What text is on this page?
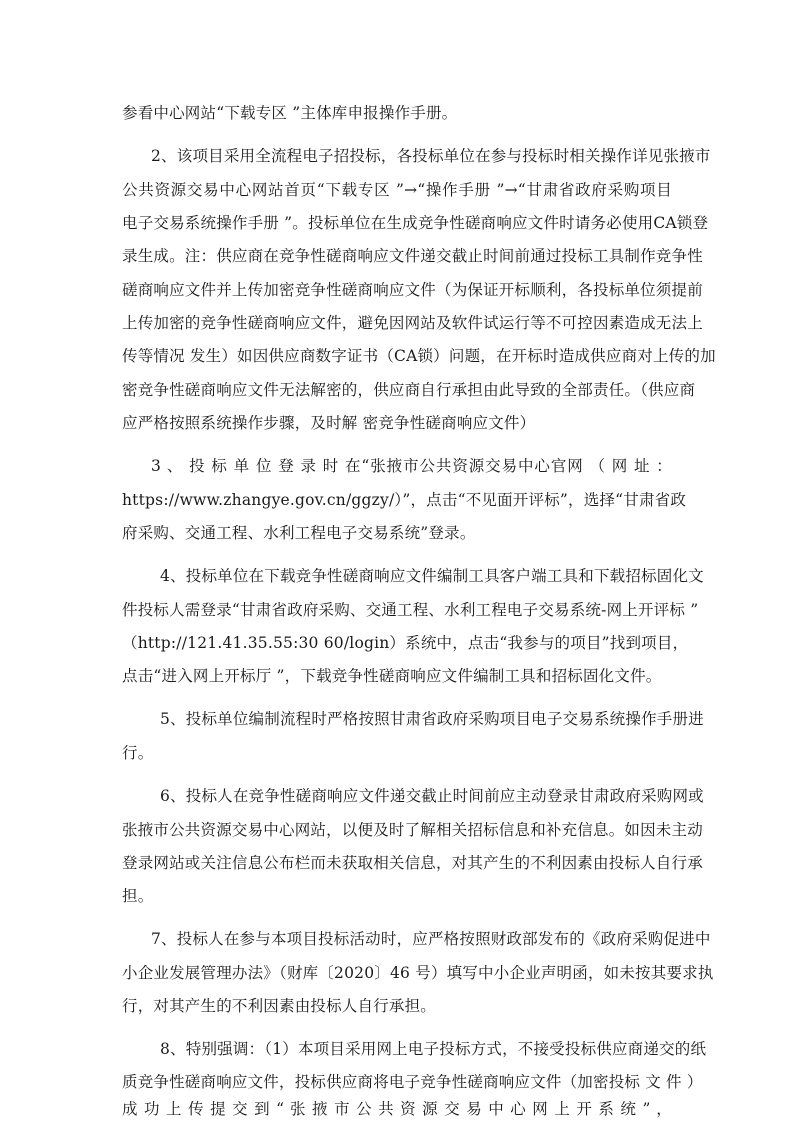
参看中心网站“下载专区 ”主体库申报操作手册。
2、该项目采用全流程电子招投标，各投标单位在参与投标时相关操作详见张掖市
公共资源交易中心网站首页“下载专区 ”→“操作手册 ”→“甘肃省政府采购项目
电子交易系统操作手册 ”。投标单位在生成竞争性磋商响应文件时请务必使用CA锁登
录生成。注：供应商在竞争性磋商响应文件递交截止时间前通过投标工具制作竞争性
磋商响应文件并上传加密竞争性磋商响应文件（为保证开标顺利，各投标单位须提前
上传加密的竞争性磋商响应文件，避免因网站及软件试运行等不可控因素造成无法上
传等情况 发生）如因供应商数字证书（CA锁）问题，在开标时造成供应商对上传的加
密竞争性磋商响应文件无法解密的，供应商自行承担由此导致的全部责任。（供应商
应严格按照系统操作步骤，及时解 密竞争性磋商响应文件）
3 、 投 标 单 位 登 录 时 在“张掖市公共资源交易中心官网 （ 网 址 ：
https://www.zhangye.gov.cn/ggzy/）”，点击“不见面开评标”，选择“甘肃省政
府采购、交通工程、水利工程电子交易系统”登录。
4、投标单位在下载竞争性磋商响应文件编制工具客户端工具和下载招标固化文
件投标人需登录“甘肃省政府采购、交通工程、水利工程电子交易系统-网上开评标 ”
（http://121.41.35.55:30 60/login）系统中，点击“我参与的项目”找到项目，
点击“进入网上开标厅 ”，下载竞争性磋商响应文件编制工具和招标固化文件。
5、投标单位编制流程时严格按照甘肃省政府采购项目电子交易系统操作手册进
行。
6、投标人在竞争性磋商响应文件递交截止时间前应主动登录甘肃政府采购网或
张掖市公共资源交易中心网站，以便及时了解相关招标信息和补充信息。如因未主动
登录网站或关注信息公布栏而未获取相关信息，对其产生的不利因素由投标人自行承
担。
7、投标人在参与本项目投标活动时，应严格按照财政部发布的《政府采购促进中
小企业发展管理办法》（财库〔2020〕46 号）填写中小企业声明函，如未按其要求执
行，对其产生的不利因素由投标人自行承担。
8、特别强调：（1）本项目采用网上电子投标方式，不接受投标供应商递交的纸
质竞争性磋商响应文件，投标供应商将电子竞争性磋商响应文件（加密投标 文 件 ）
成 功 上 传 提 交 到 “ 张 掖 市 公 共 资 源 交 易 中 心 网 上 开 系 统 ” ，
